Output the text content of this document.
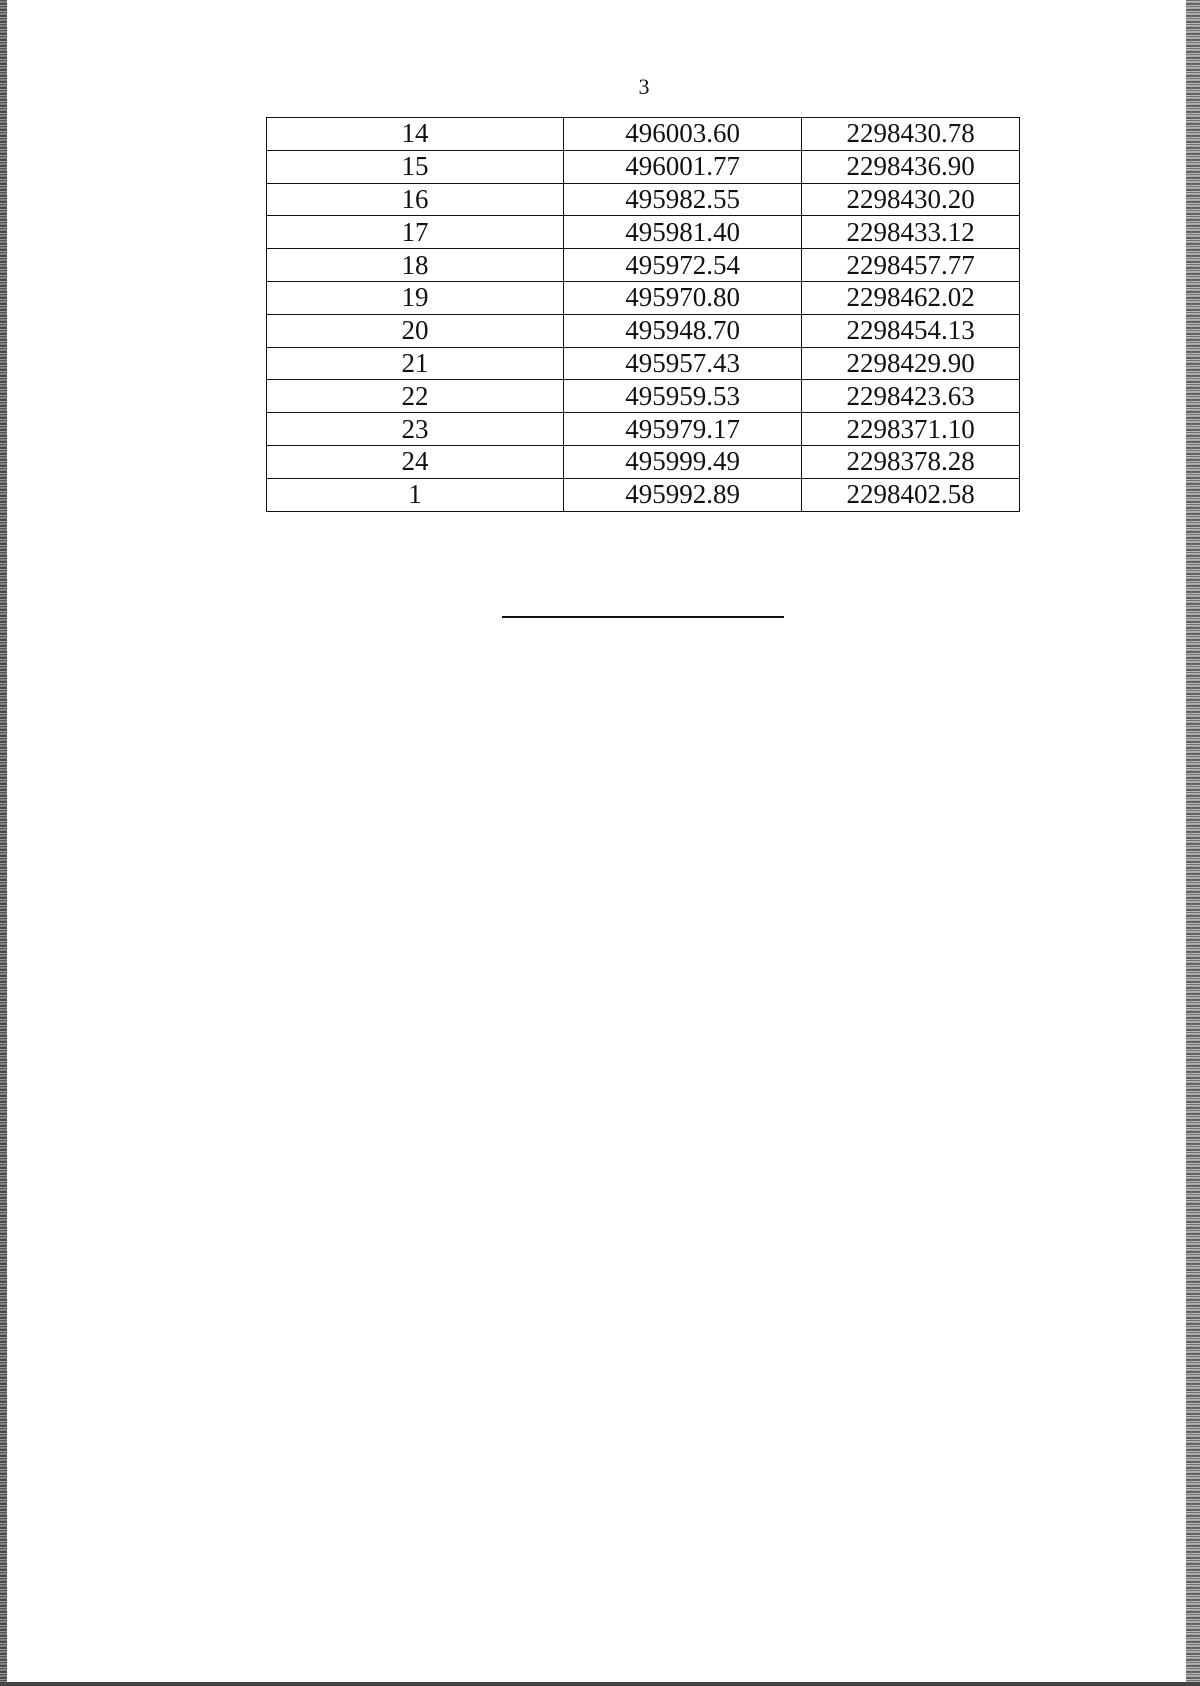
3
14	496003.60	2298430.78
15	496001.77	2298436.90
16	495982.55	2298430.20
17	495981.40	2298433.12
18	495972.54	2298457.77
19	495970.80	2298462.02
20	495948.70	2298454.13
21	495957.43	2298429.90
22	495959.53	2298423.63
23	495979.17	2298371.10
24	495999.49	2298378.28
1	495992.89	2298402.58
